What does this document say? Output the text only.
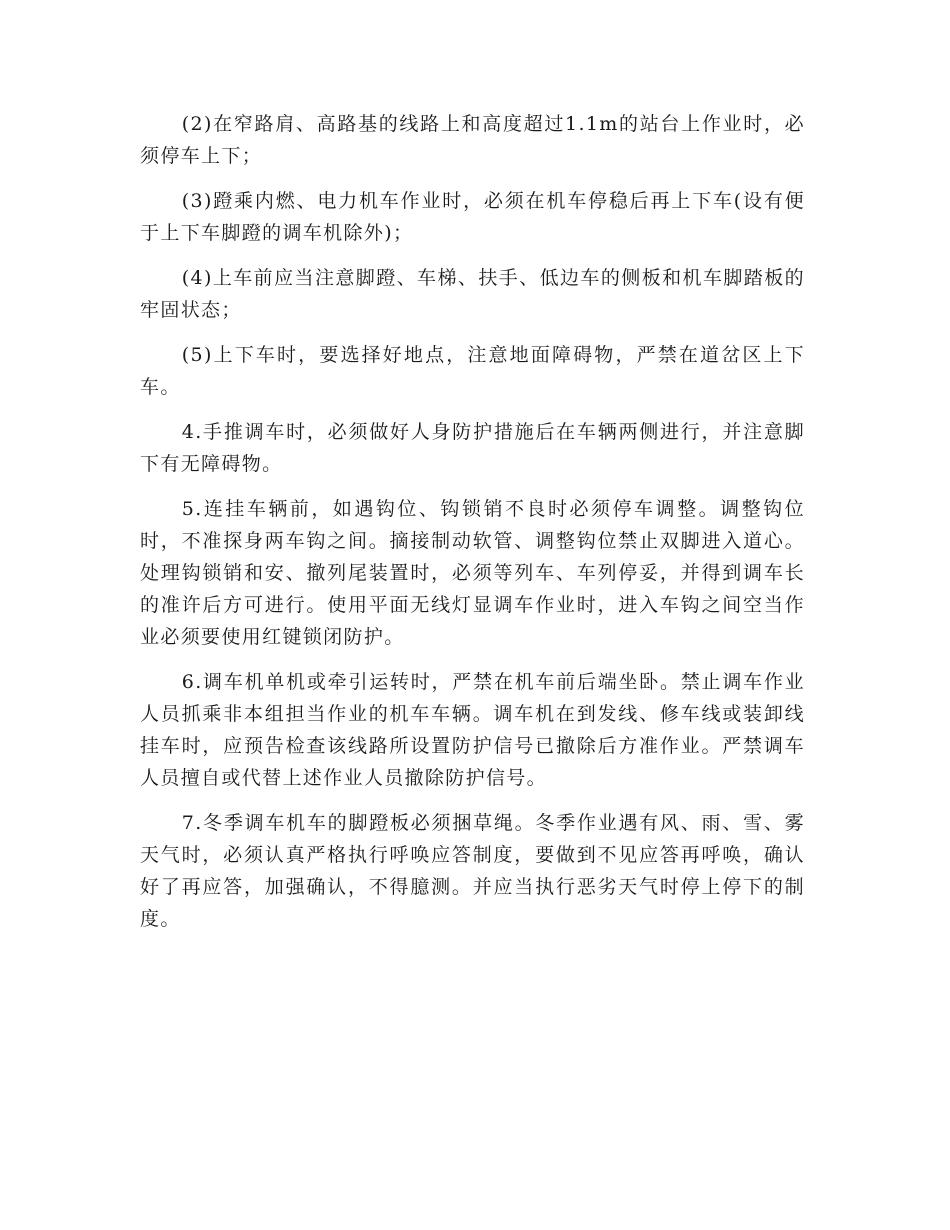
(2)在窄路肩、高路基的线路上和高度超过1.1m的站台上作业时，必须停车上下；

(3)蹬乘内燃、电力机车作业时，必须在机车停稳后再上下车(设有便于上下车脚蹬的调车机除外)；

(4)上车前应当注意脚蹬、车梯、扶手、低边车的侧板和机车脚踏板的牢固状态；

(5)上下车时，要选择好地点，注意地面障碍物，严禁在道岔区上下车。

4.手推调车时，必须做好人身防护措施后在车辆两侧进行，并注意脚下有无障碍物。

5.连挂车辆前，如遇钩位、钩锁销不良时必须停车调整。调整钩位时，不准探身两车钩之间。摘接制动软管、调整钩位禁止双脚进入道心。处理钩锁销和安、撤列尾装置时，必须等列车、车列停妥，并得到调车长的准许后方可进行。使用平面无线灯显调车作业时，进入车钩之间空当作业必须要使用红键锁闭防护。

6.调车机单机或牵引运转时，严禁在机车前后端坐卧。禁止调车作业人员抓乘非本组担当作业的机车车辆。调车机在到发线、修车线或装卸线挂车时，应预告检查该线路所设置防护信号已撤除后方准作业。严禁调车人员擅自或代替上述作业人员撤除防护信号。

7.冬季调车机车的脚蹬板必须捆草绳。冬季作业遇有风、雨、雪、雾天气时，必须认真严格执行呼唤应答制度，要做到不见应答再呼唤，确认好了再应答，加强确认，不得臆测。并应当执行恶劣天气时停上停下的制度。
